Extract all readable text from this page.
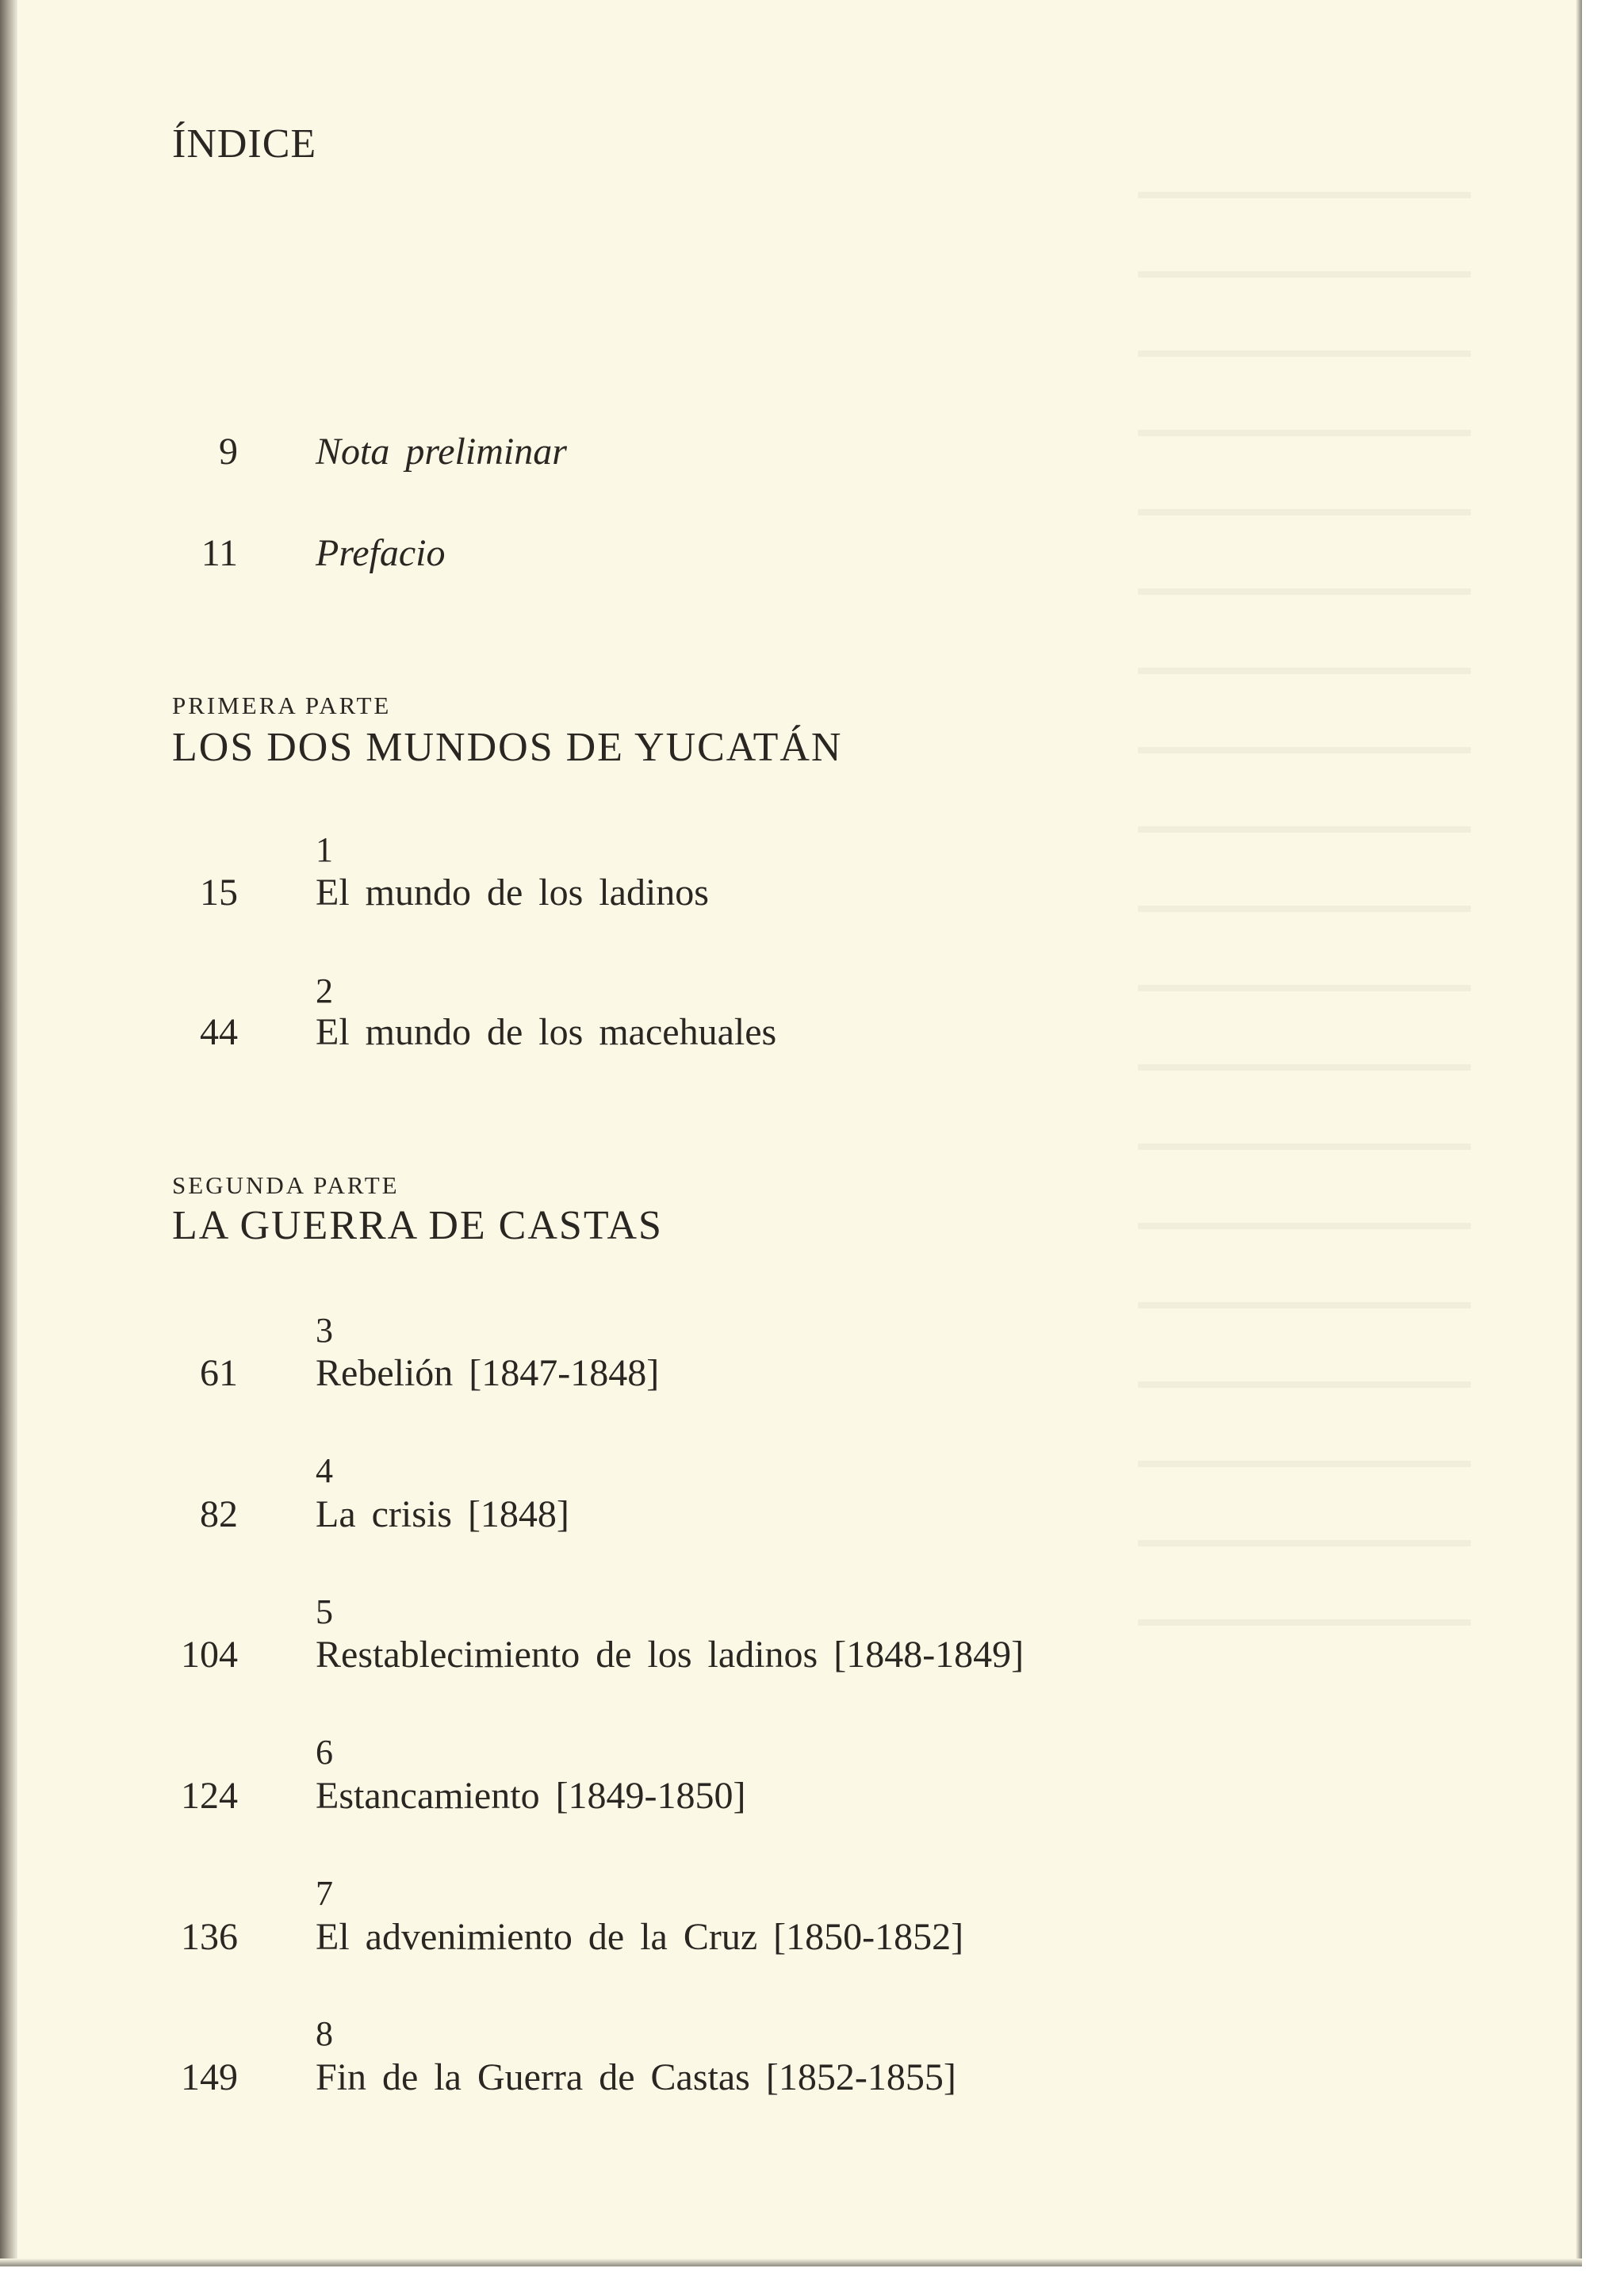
ÍNDICE
9 Nota preliminar
11 Prefacio
PRIMERA PARTE
LOS DOS MUNDOS DE YUCATÁN
1
15 El mundo de los ladinos
2
44 El mundo de los macehuales
SEGUNDA PARTE
LA GUERRA DE CASTAS
3
61 Rebelión [1847-1848]
4
82 La crisis [1848]
5
104 Restablecimiento de los ladinos [1848-1849]
6
124 Estancamiento [1849-1850]
7
136 El advenimiento de la Cruz [1850-1852]
8
149 Fin de la Guerra de Castas [1852-1855]
